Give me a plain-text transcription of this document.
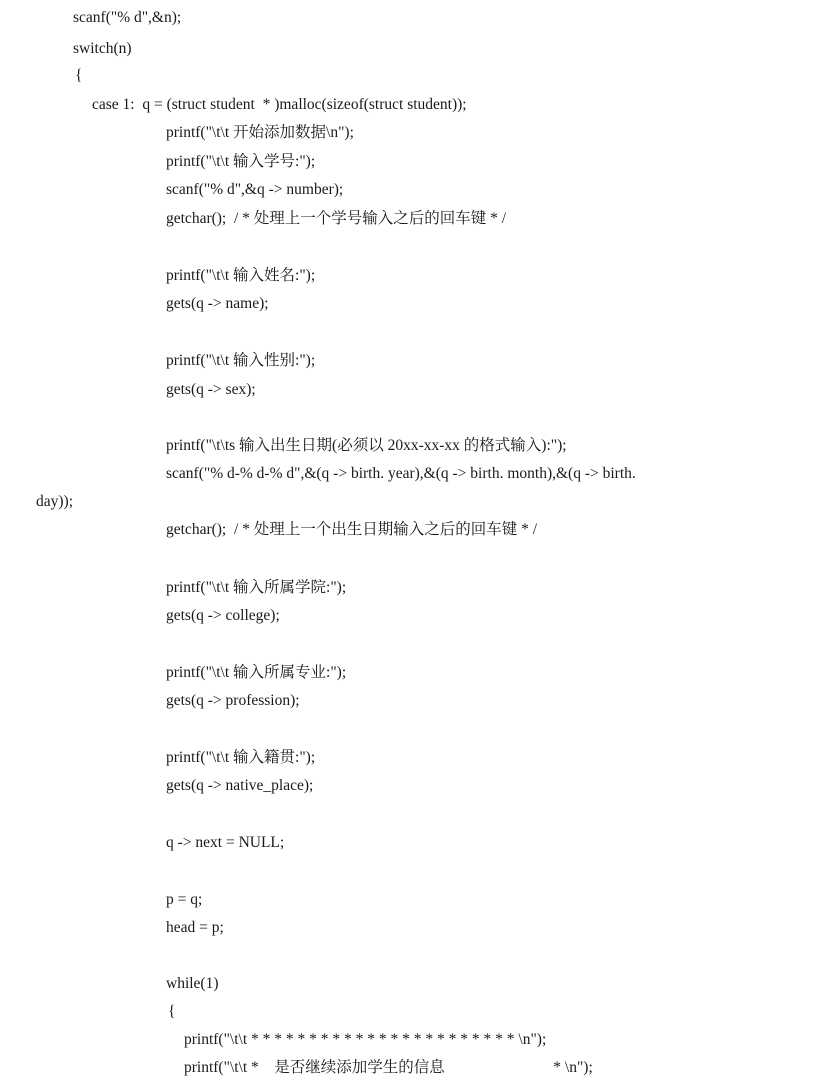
scanf("% d",&n);
switch(n)
{
case 1:  q = (struct student  * )malloc(sizeof(struct student));
printf("\t\t 开始添加数据\n");
printf("\t\t 输入学号:");
scanf("% d",&q -> number);
getchar();  / * 处理上一个学号输入之后的回车键 * /
printf("\t\t 输入姓名:");
gets(q -> name);
printf("\t\t 输入性别:");
gets(q -> sex);
printf("\t\ts 输入出生日期(必须以 20xx-xx-xx 的格式输入):");
scanf("% d-% d-% d",&(q -> birth. year),&(q -> birth. month),&(q -> birth.
day));
getchar();  / * 处理上一个出生日期输入之后的回车键 * /
printf("\t\t 输入所属学院:");
gets(q -> college);
printf("\t\t 输入所属专业:");
gets(q -> profession);
printf("\t\t 输入籍贯:");
gets(q -> native_place);
q -> next = NULL;
p = q;
head = p;
while(1)
{
printf("\t\t * * * * * * * * * * * * * * * * * * * * * * * \n");
printf("\t\t *    是否继续添加学生的信息                            * \n");
